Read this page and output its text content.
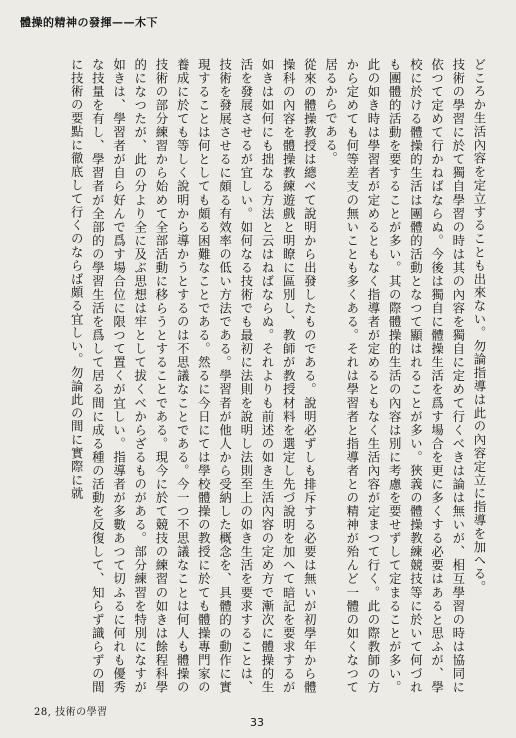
體操的精神の發揮——木下

どころか生活內容を定立することも出來ない。勿論指導は此の內容定立に指導を加へる。

技術の學習に於て獨自學習の時は其の內容を獨自に定めて行くべきは論は無いが、相互學習の時は協同に依つて定めて行かねばならぬ。今後は獨自に體操生活を爲す場合を更に多くする必要はあると思ふが、學校に於ける體操的生活は團體的活動となつて顯はれることが多い。狹義の體操教練競技等に於いて何づれも團體的活動を要することが多い。其の際體操的生活の內容は別に考慮を要せずして定まることが多い。此の如き時は學習者が定めるともなく指導者が定めるともなく生活內容が定まつて行く。此の際教師の方から定めても何等差支の無いことも多くある。それは學習者と指導者との精神が殆んど一體の如くなつて居るからである。

從來の體操教授は總べて說明から出發したものである。說明必ずしも排斥する必要は無いが初學年から體操科の內容を體操教練遊戲と明瞭に區別し、教師が教授材料を選定し先づ說明を加へて暗記を要求するが如きは如何にも拙なる方法と云はねばならぬ。それよりも前述の如き生活內容の定め方で漸次に體操的生活を發展させるが宜しい。如何なる技術でも最初に法則を說明し法則至上の如き生活を要求することは、技術を發展させるに頗る有效率の低い方法である。學習者が他人から受納した概念を、具體的の動作に實現することは何としても頗る困難なことである。然るに今日にては學校體操の教授に於ても體操專門家の養成に於ても等しく說明から導かうとするのは不思議なことである。今一つ不思議なことは何人も體操の技術の部分練習から始めて全部活動に移らうとすることである。現今に於て競技の練習の如きは餘程科學的になつたが、此の分より全に及ぶ思想は牢として拔くべからざるものがある。部分練習を特別になすが如きは、學習者が自ら好んで爲す場合位に限つて置くが宜しい。指導者が多數あつて切ふるに何れも優秀な技量を有し、學習者が全部的の學習生活を爲して居る間に成る種の活動を反復して、知らず識らずの間に技術の要點に徹底して行くのならば頗る宜しい。勿論此の間に實際に就

28, 技術の學習
33
